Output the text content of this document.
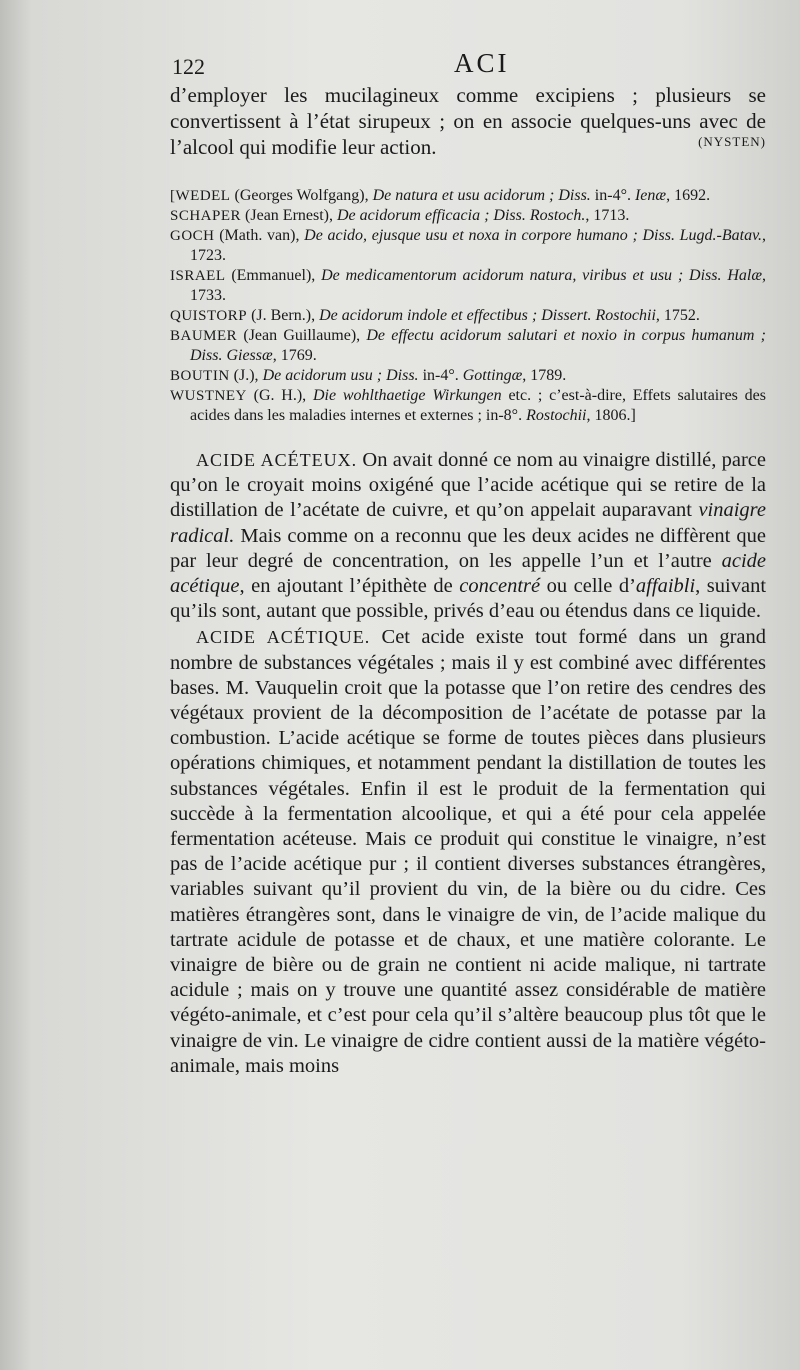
122	ACI

d’employer les mucilagineux comme excipiens ; plusieurs se convertissent à l’état sirupeux ; on en associe quelques-uns avec de l’alcool qui modifie leur action.	(NYSTEN)

[WEDEL (Georges Wolfgang), De natura et usu acidorum ; Diss. in-4°. Ienæ, 1692.

SCHAPER (Jean Ernest), De acidorum efficacia ; Diss. Rostoch., 1713.

GOCH (Math. van), De acido, ejusque usu et noxa in corpore humano ; Diss. Lugd.-Batav., 1723.

ISRAEL (Emmanuel), De medicamentorum acidorum natura, viribus et usu ; Diss. Halæ, 1733.

QUISTORP (J. Bern.), De acidorum indole et effectibus ; Dissert. Rostochii, 1752.

BAUMER (Jean Guillaume), De effectu acidorum salutari et noxio in corpus humanum ; Diss. Giessæ, 1769.

BOUTIN (J.), De acidorum usu ; Diss. in-4°. Gottingæ, 1789.

WUSTNEY (G. H.), Die wohlthaetige Wirkungen etc. ; c’est-à-dire, Effets salutaires des acides dans les maladies internes et externes ; in-8°. Rostochii, 1806.]

ACIDE ACÉTEUX. On avait donné ce nom au vinaigre distillé, parce qu’on le croyait moins oxigéné que l’acide acétique qui se retire de la distillation de l’acétate de cuivre, et qu’on appelait auparavant vinaigre radical. Mais comme on a reconnu que les deux acides ne diffèrent que par leur degré de concentration, on les appelle l’un et l’autre acide acétique, en ajoutant l’épithète de concentré ou celle d’affaibli, suivant qu’ils sont, autant que possible, privés d’eau ou étendus dans ce liquide.

ACIDE ACÉTIQUE. Cet acide existe tout formé dans un grand nombre de substances végétales ; mais il y est combiné avec différentes bases. M. Vauquelin croit que la potasse que l’on retire des cendres des végétaux provient de la décomposition de l’acétate de potasse par la combustion. L’acide acétique se forme de toutes pièces dans plusieurs opérations chimiques, et notamment pendant la distillation de toutes les substances végétales. Enfin il est le produit de la fermentation qui succède à la fermentation alcoolique, et qui a été pour cela appelée fermentation acéteuse. Mais ce produit qui constitue le vinaigre, n’est pas de l’acide acétique pur ; il contient diverses substances étrangères, variables suivant qu’il provient du vin, de la bière ou du cidre. Ces matières étrangères sont, dans le vinaigre de vin, de l’acide malique du tartrate acidule de potasse et de chaux, et une matière colorante. Le vinaigre de bière ou de grain ne contient ni acide malique, ni tartrate acidule ; mais on y trouve une quantité assez considérable de matière végéto-animale, et c’est pour cela qu’il s’altère beaucoup plus tôt que le vinaigre de vin. Le vinaigre de cidre contient aussi de la matière végéto-animale, mais moins
